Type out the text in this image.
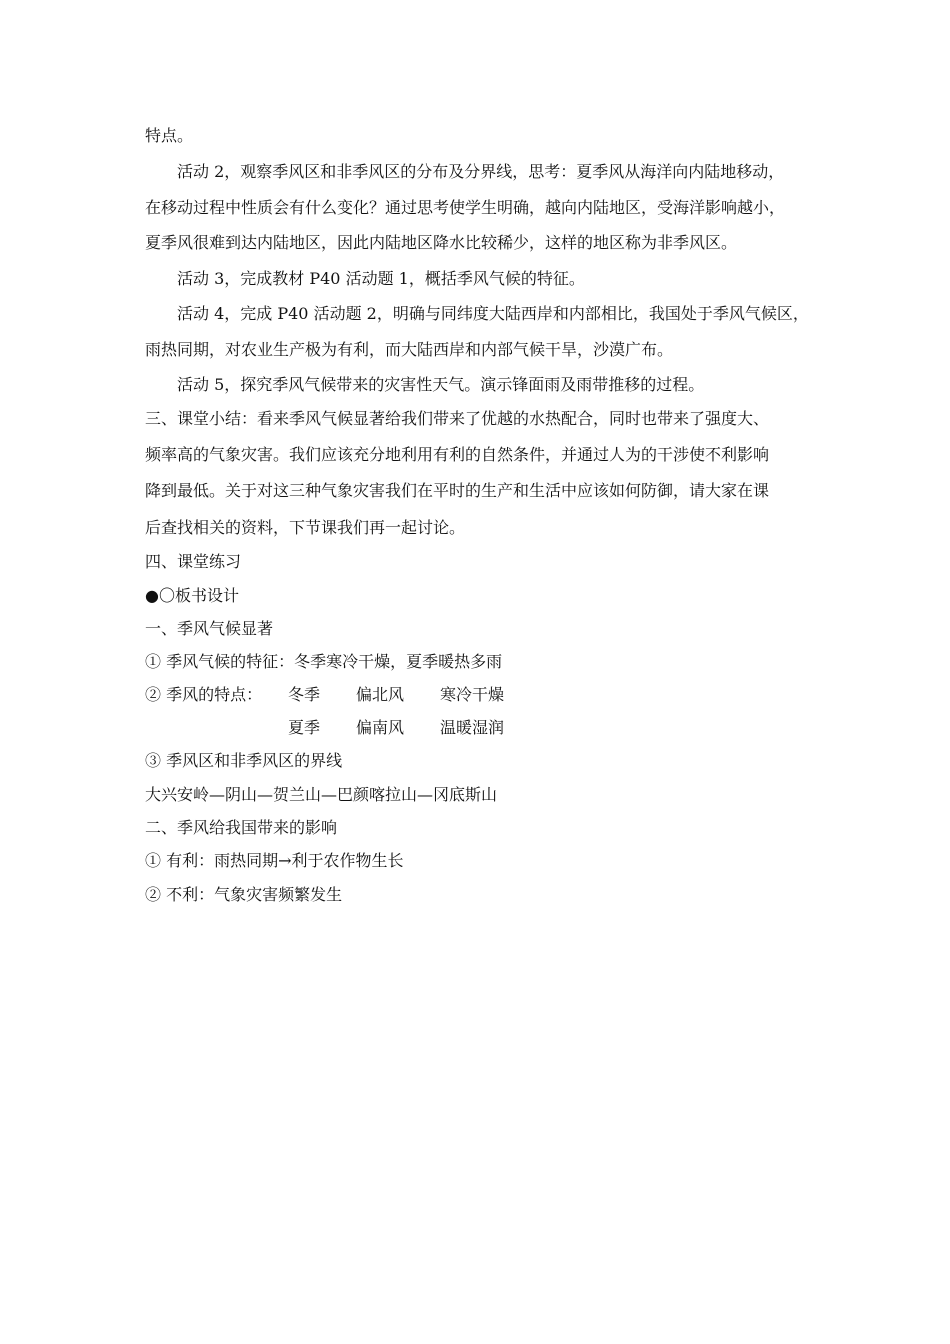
特点。
活动 2，观察季风区和非季风区的分布及分界线，思考：夏季风从海洋向内陆地移动，
在移动过程中性质会有什么变化？通过思考使学生明确，越向内陆地区，受海洋影响越小，
夏季风很难到达内陆地区，因此内陆地区降水比较稀少，这样的地区称为非季风区。
活动 3，完成教材 P40 活动题 1，概括季风气候的特征。
活动 4，完成 P40 活动题 2，明确与同纬度大陆西岸和内部相比，我国处于季风气候区，
雨热同期，对农业生产极为有利，而大陆西岸和内部气候干旱，沙漠广布。
活动 5，探究季风气候带来的灾害性天气。演示锋面雨及雨带推移的过程。
三、课堂小结：看来季风气候显著给我们带来了优越的水热配合，同时也带来了强度大、
频率高的气象灾害。我们应该充分地利用有利的自然条件，并通过人为的干涉使不利影响
降到最低。关于对这三种气象灾害我们在平时的生产和生活中应该如何防御，请大家在课
后查找相关的资料，下节课我们再一起讨论。
四、课堂练习
●〇板书设计
一、季风气候显著
① 季风气候的特征：冬季寒冷干燥，夏季暖热多雨
② 季风的特点： 冬季 偏北风 寒冷干燥
夏季 偏南风 温暖湿润
③ 季风区和非季风区的界线
大兴安岭—阴山—贺兰山—巴颜喀拉山—冈底斯山
二、季风给我国带来的影响
① 有利：雨热同期→利于农作物生长
② 不利：气象灾害频繁发生
